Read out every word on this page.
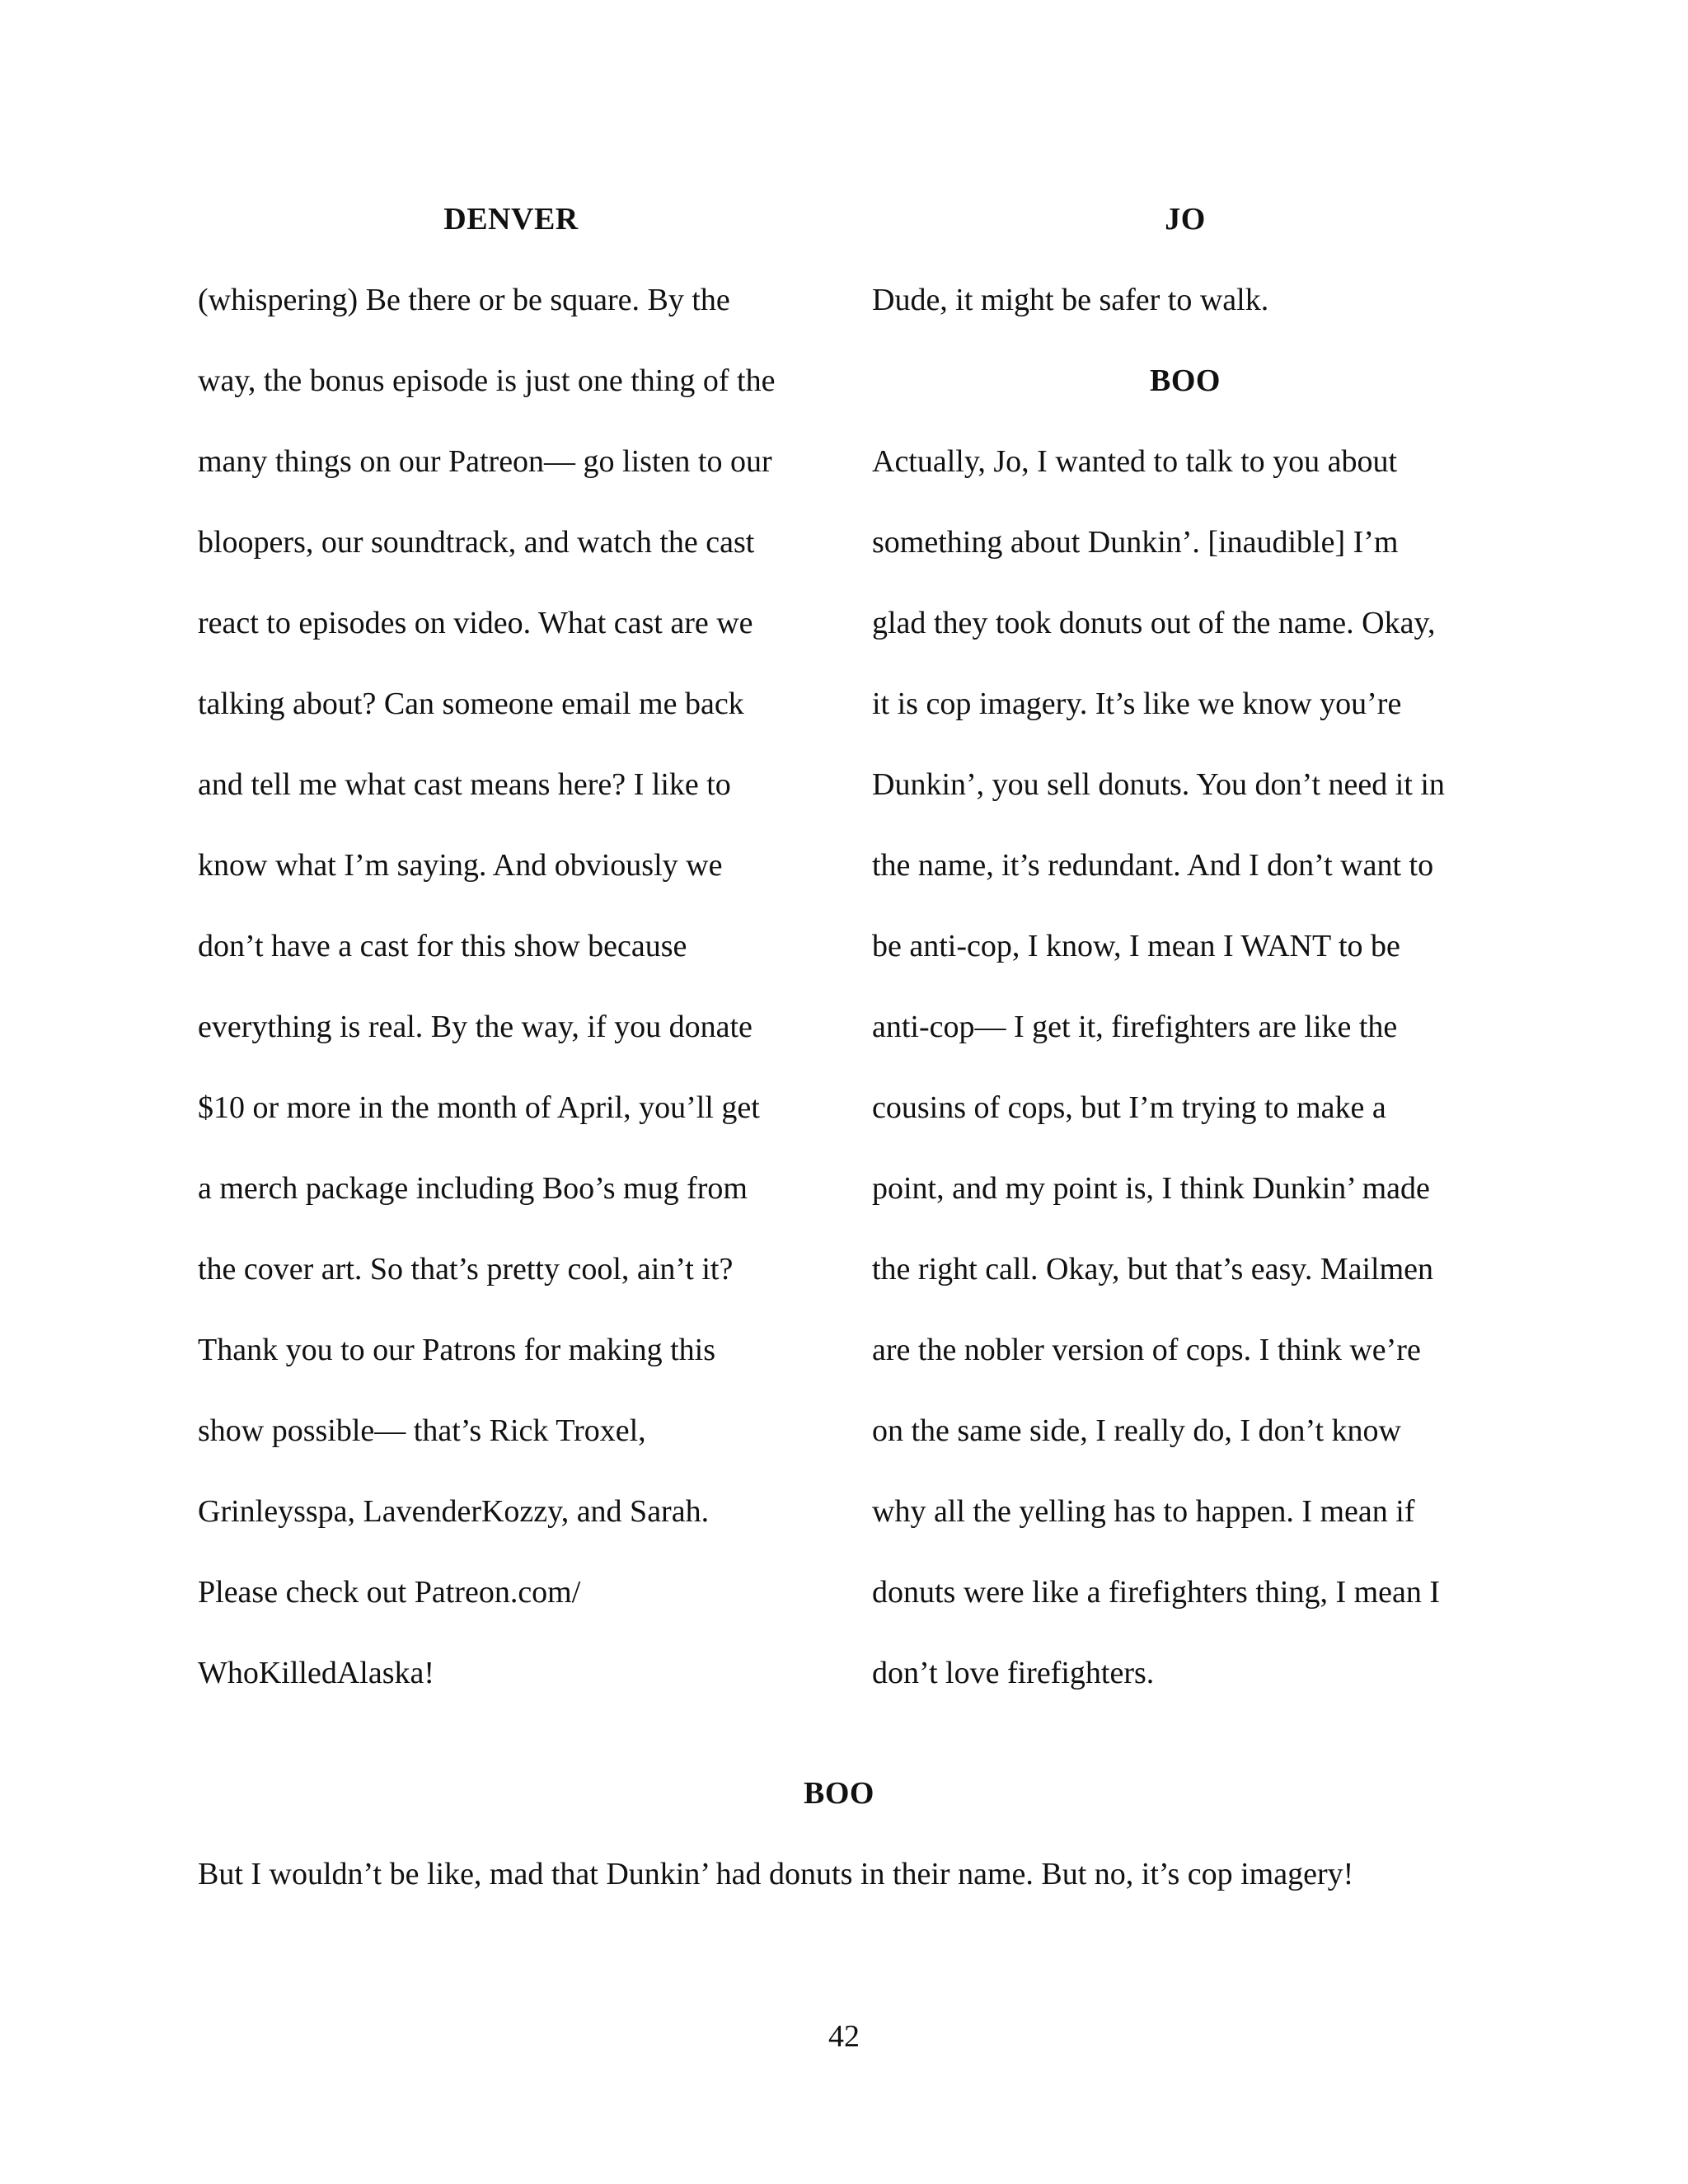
DENVER
(whispering) Be there or be square. By the
way, the bonus episode is just one thing of the
many things on our Patreon— go listen to our
bloopers, our soundtrack, and watch the cast
react to episodes on video. What cast are we
talking about? Can someone email me back
and tell me what cast means here? I like to
know what I’m saying. And obviously we
don’t have a cast for this show because
everything is real. By the way, if you donate
$10 or more in the month of April, you’ll get
a merch package including Boo’s mug from
the cover art. So that’s pretty cool, ain’t it?
Thank you to our Patrons for making this
show possible— that’s Rick Troxel,
Grinleysspa, LavenderKozzy, and Sarah.
Please check out Patreon.com/
WhoKilledAlaska!
JO
Dude, it might be safer to walk.
BOO
Actually, Jo, I wanted to talk to you about
something about Dunkin’. [inaudible] I’m
glad they took donuts out of the name. Okay,
it is cop imagery. It’s like we know you’re
Dunkin’, you sell donuts. You don’t need it in
the name, it’s redundant. And I don’t want to
be anti-cop, I know, I mean I WANT to be
anti-cop— I get it, firefighters are like the
cousins of cops, but I’m trying to make a
point, and my point is, I think Dunkin’ made
the right call. Okay, but that’s easy. Mailmen
are the nobler version of cops. I think we’re
on the same side, I really do, I don’t know
why all the yelling has to happen. I mean if
donuts were like a firefighters thing, I mean I
don’t love firefighters.
BOO
But I wouldn’t be like, mad that Dunkin’ had donuts in their name. But no, it’s cop imagery!
42
